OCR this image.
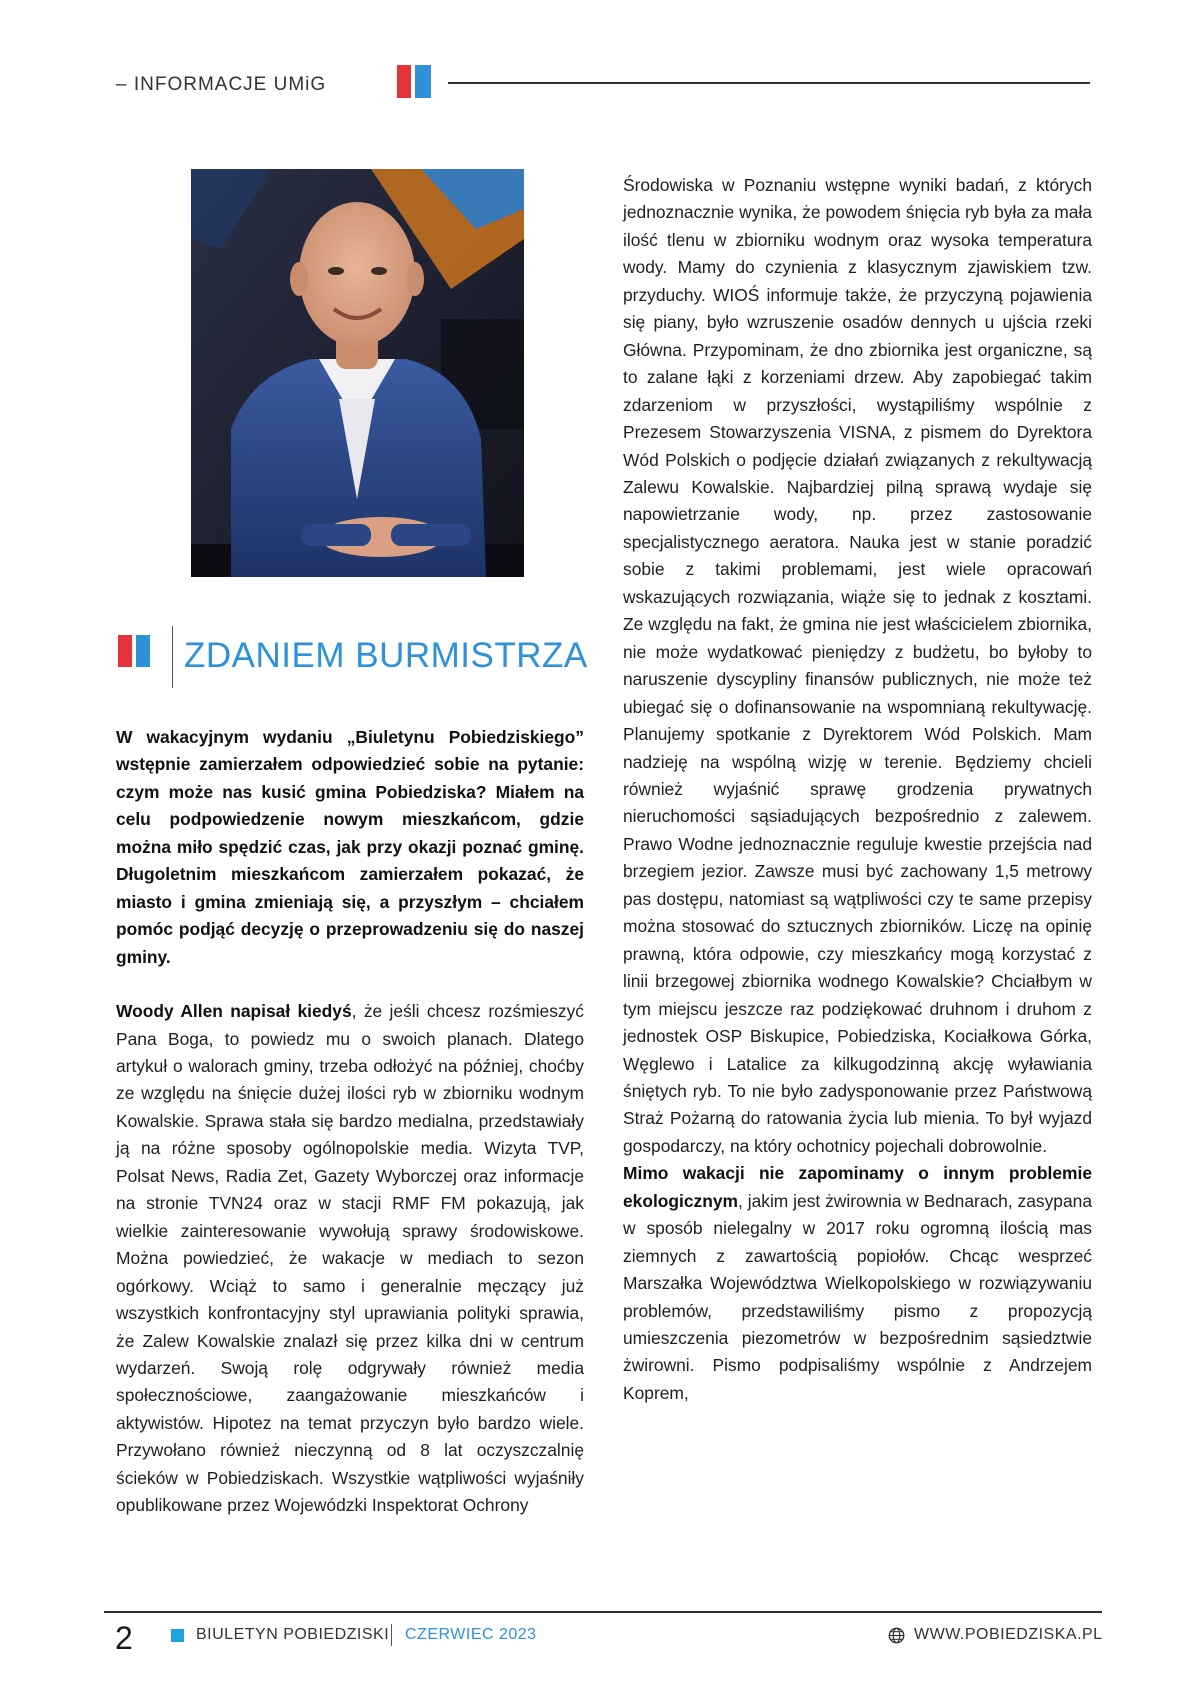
– INFORMACJE UMiG
ZDANIEM BURMISTRZA

W wakacyjnym wydaniu „Biuletynu Pobiedziskiego” wstępnie zamierzałem odpowiedzieć sobie na pytanie: czym może nas kusić gmina Pobiedziska? Miałem na celu podpowiedzenie nowym mieszkańcom, gdzie można miło spędzić czas, jak przy okazji poznać gminę. Długoletnim mieszkańcom zamierzałem pokazać, że miasto i gmina zmieniają się, a przyszłym – chciałem pomóc podjąć decyzję o przeprowadzeniu się do naszej gminy.

Woody Allen napisał kiedyś, że jeśli chcesz rozśmieszyć Pana Boga, to powiedz mu o swoich planach. Dlatego artykuł o walorach gminy, trzeba odłożyć na później, choćby ze względu na śnięcie dużej ilości ryb w zbiorniku wodnym Kowalskie. Sprawa stała się bardzo medialna, przedstawiały ją na różne sposoby ogólnopolskie media. Wizyta TVP, Polsat News, Radia Zet, Gazety Wyborczej oraz informacje na stronie TVN24 oraz w stacji RMF FM pokazują, jak wielkie zainteresowanie wywołują sprawy środowiskowe. Można powiedzieć, że wakacje w mediach to sezon ogórkowy. Wciąż to samo i generalnie męczący już wszystkich konfrontacyjny styl uprawiania polityki sprawia, że Zalew Kowalskie znalazł się przez kilka dni w centrum wydarzeń. Swoją rolę odgrywały również media społecznościowe, zaangażowanie mieszkańców i aktywistów. Hipotez na temat przyczyn było bardzo wiele. Przywołano również nieczynną od 8 lat oczyszczalnię ścieków w Pobiedziskach. Wszystkie wątpliwości wyjaśniły opublikowane przez Wojewódzki Inspektorat Ochrony

Środowiska w Poznaniu wstępne wyniki badań, z których jednoznacznie wynika, że powodem śnięcia ryb była za mała ilość tlenu w zbiorniku wodnym oraz wysoka temperatura wody. Mamy do czynienia z klasycznym zjawiskiem tzw. przyduchy. WIOŚ informuje także, że przyczyną pojawienia się piany, było wzruszenie osadów dennych u ujścia rzeki Główna. Przypominam, że dno zbiornika jest organiczne, są to zalane łąki z korzeniami drzew. Aby zapobiegać takim zdarzeniom w przyszłości, wystąpiliśmy wspólnie z Prezesem Stowarzyszenia VISNA, z pismem do Dyrektora Wód Polskich o podjęcie działań związanych z rekultywacją Zalewu Kowalskie. Najbardziej pilną sprawą wydaje się napowietrzanie wody, np. przez zastosowanie specjalistycznego aeratora. Nauka jest w stanie poradzić sobie z takimi problemami, jest wiele opracowań wskazujących rozwiązania, wiąże się to jednak z kosztami. Ze względu na fakt, że gmina nie jest właścicielem zbiornika, nie może wydatkować pieniędzy z budżetu, bo byłoby to naruszenie dyscypliny finansów publicznych, nie może też ubiegać się o dofinansowanie na wspomnianą rekultywację. Planujemy spotkanie z Dyrektorem Wód Polskich. Mam nadzieję na wspólną wizję w terenie. Będziemy chcieli również wyjaśnić sprawę grodzenia prywatnych nieruchomości sąsiadujących bezpośrednio z zalewem. Prawo Wodne jednoznacznie reguluje kwestie przejścia nad brzegiem jezior. Zawsze musi być zachowany 1,5 metrowy pas dostępu, natomiast są wątpliwości czy te same przepisy można stosować do sztucznych zbiorników. Liczę na opinię prawną, która odpowie, czy mieszkańcy mogą korzystać z linii brzegowej zbiornika wodnego Kowalskie? Chciałbym w tym miejscu jeszcze raz podziękować druhnom i druhom z jednostek OSP Biskupice, Pobiedziska, Kociałkowa Górka, Węglewo i Latalice za kilkugodzinną akcję wyławiania śniętych ryb. To nie było zadysponowanie przez Państwową Straż Pożarną do ratowania życia lub mienia. To był wyjazd gospodarczy, na który ochotnicy pojechali dobrowolnie.

Mimo wakacji nie zapominamy o innym problemie ekologicznym, jakim jest żwirownia w Bednarach, zasypana w sposób nielegalny w 2017 roku ogromną ilością mas ziemnych z zawartością popiołów. Chcąc wesprzeć Marszałka Województwa Wielkopolskiego w rozwiązywaniu problemów, przedstawiliśmy pismo z propozycją umieszczenia piezometrów w bezpośrednim sąsiedztwie żwirowni. Pismo podpisaliśmy wspólnie z Andrzejem Koprem,

2	BIULETYN POBIEDZISKI CZERWIEC 2023	WWW.POBIEDZISKA.PL
